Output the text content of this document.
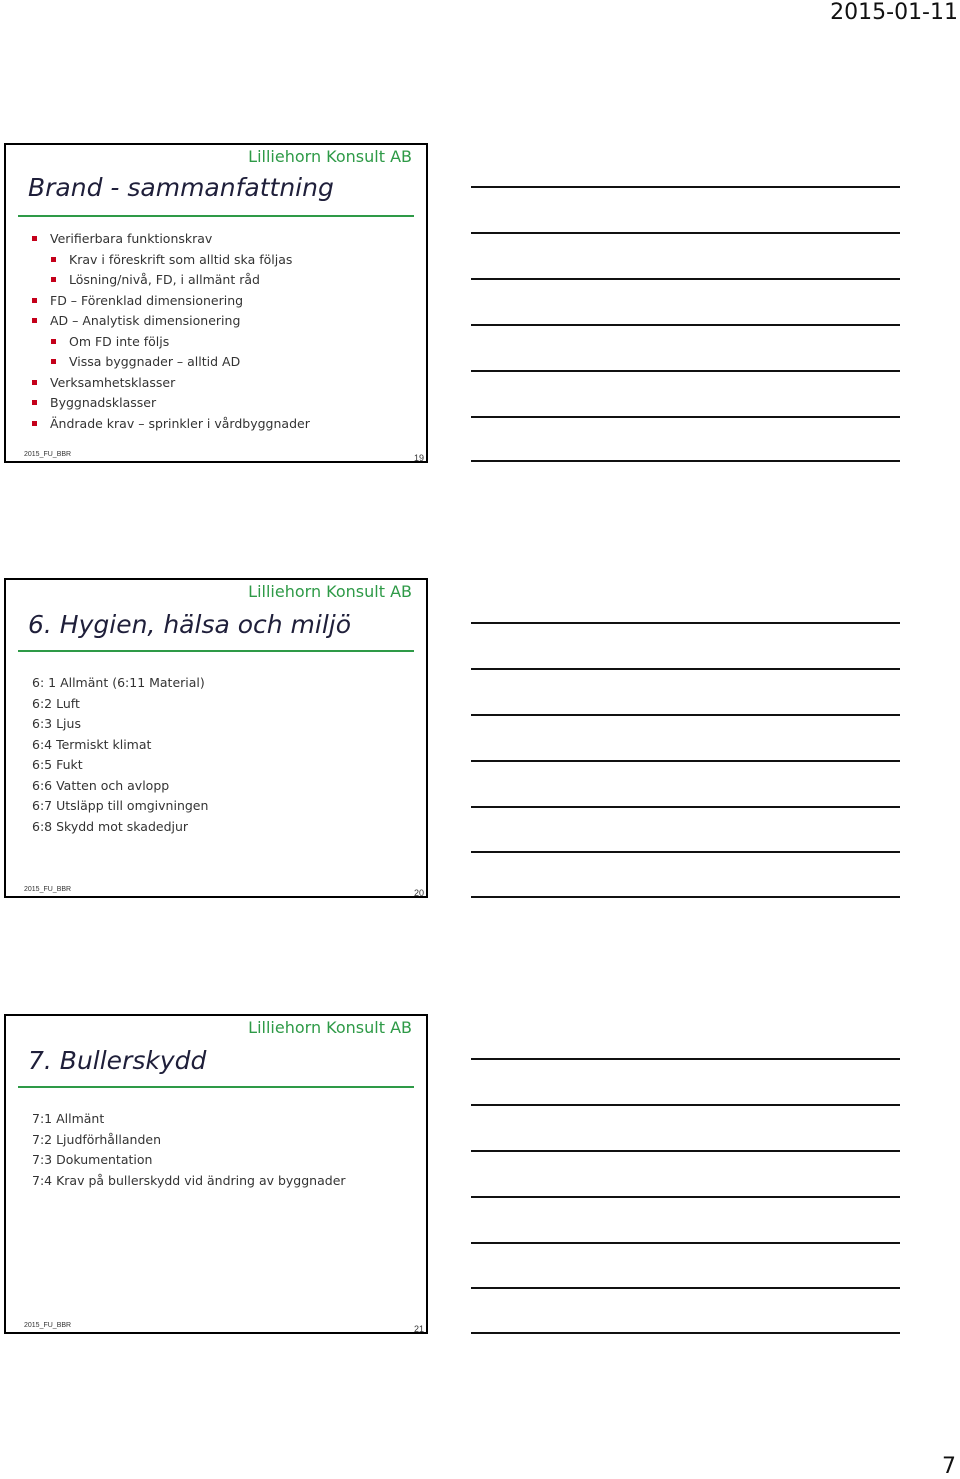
2015-01-11
Lilliehorn Konsult AB
Brand - sammanfattning
Verifierbara funktionskrav
Krav i föreskrift som alltid ska följas
Lösning/nivå, FD, i allmänt råd
FD – Förenklad dimensionering
AD – Analytisk dimensionering
Om FD inte följs
Vissa byggnader – alltid AD
Verksamhetsklasser
Byggnadsklasser
Ändrade krav – sprinkler i vårdbyggnader
2015_FU_BBR	19
Lilliehorn Konsult AB
6. Hygien, hälsa och miljö
6: 1 Allmänt (6:11 Material)
6:2 Luft
6:3 Ljus
6:4 Termiskt klimat
6:5 Fukt
6:6 Vatten och avlopp
6:7 Utsläpp till omgivningen
6:8 Skydd mot skadedjur
2015_FU_BBR	20
Lilliehorn Konsult AB
7. Bullerskydd
7:1 Allmänt
7:2 Ljudförhållanden
7:3 Dokumentation
7:4 Krav på bullerskydd vid ändring av byggnader
2015_FU_BBR	21
7
